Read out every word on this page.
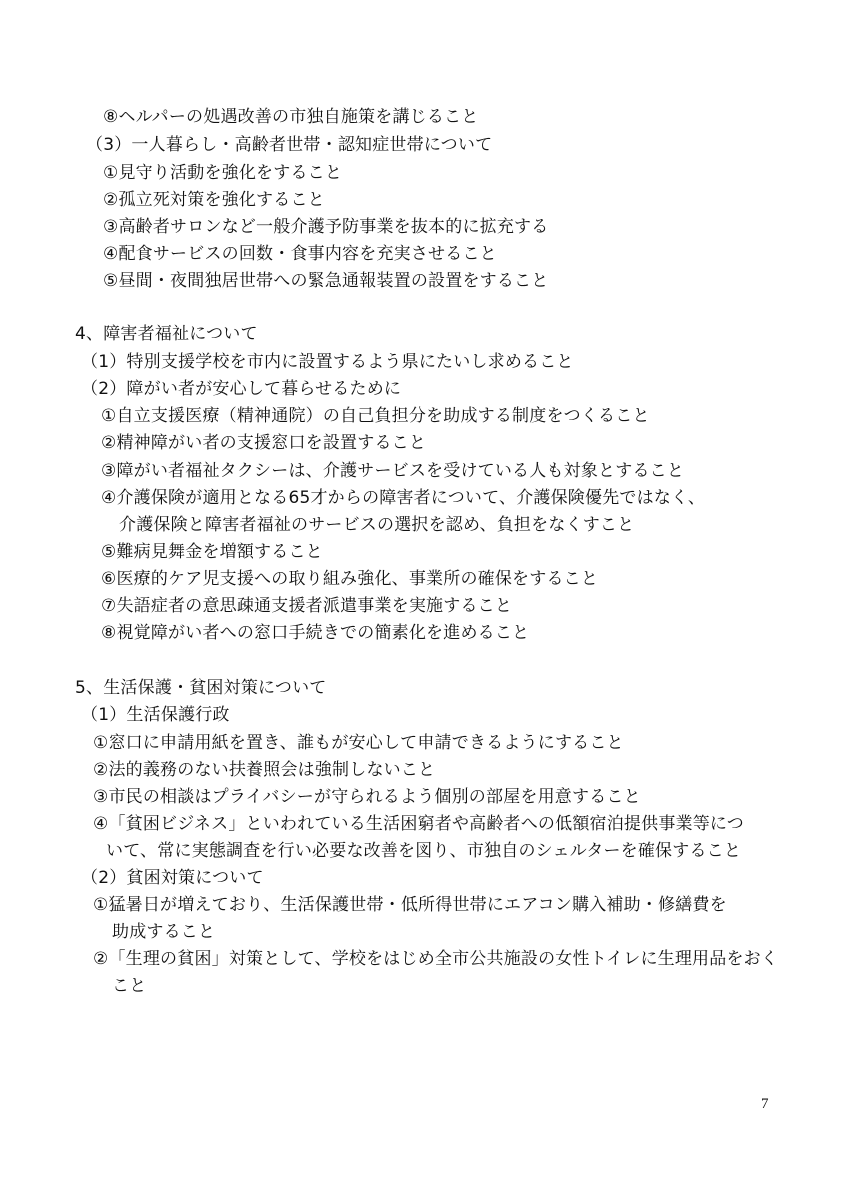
⑧ヘルパーの処遇改善の市独自施策を講じること
（3）一人暮らし・高齢者世帯・認知症世帯について
①見守り活動を強化をすること
②孤立死対策を強化すること
③高齢者サロンなど一般介護予防事業を抜本的に拡充する
④配食サービスの回数・食事内容を充実させること
⑤昼間・夜間独居世帯への緊急通報装置の設置をすること
4、障害者福祉について
（1）特別支援学校を市内に設置するよう県にたいし求めること
（2）障がい者が安心して暮らせるために
①自立支援医療（精神通院）の自己負担分を助成する制度をつくること
②精神障がい者の支援窓口を設置すること
③障がい者福祉タクシーは、介護サービスを受けている人も対象とすること
④介護保険が適用となる65才からの障害者について、介護保険優先ではなく、
介護保険と障害者福祉のサービスの選択を認め、負担をなくすこと
⑤難病見舞金を増額すること
⑥医療的ケア児支援への取り組み強化、事業所の確保をすること
⑦失語症者の意思疎通支援者派遣事業を実施すること
⑧視覚障がい者への窓口手続きでの簡素化を進めること
5、生活保護・貧困対策について
（1）生活保護行政
①窓口に申請用紙を置き、誰もが安心して申請できるようにすること
②法的義務のない扶養照会は強制しないこと
③市民の相談はプライバシーが守られるよう個別の部屋を用意すること
④「貧困ビジネス」といわれている生活困窮者や高齢者への低額宿泊提供事業等につ
いて、常に実態調査を行い必要な改善を図り、市独自のシェルターを確保すること
（2）貧困対策について
①猛暑日が増えており、生活保護世帯・低所得世帯にエアコン購入補助・修繕費を
助成すること
②「生理の貧困」対策として、学校をはじめ全市公共施設の女性トイレに生理用品をおく
こと
7
